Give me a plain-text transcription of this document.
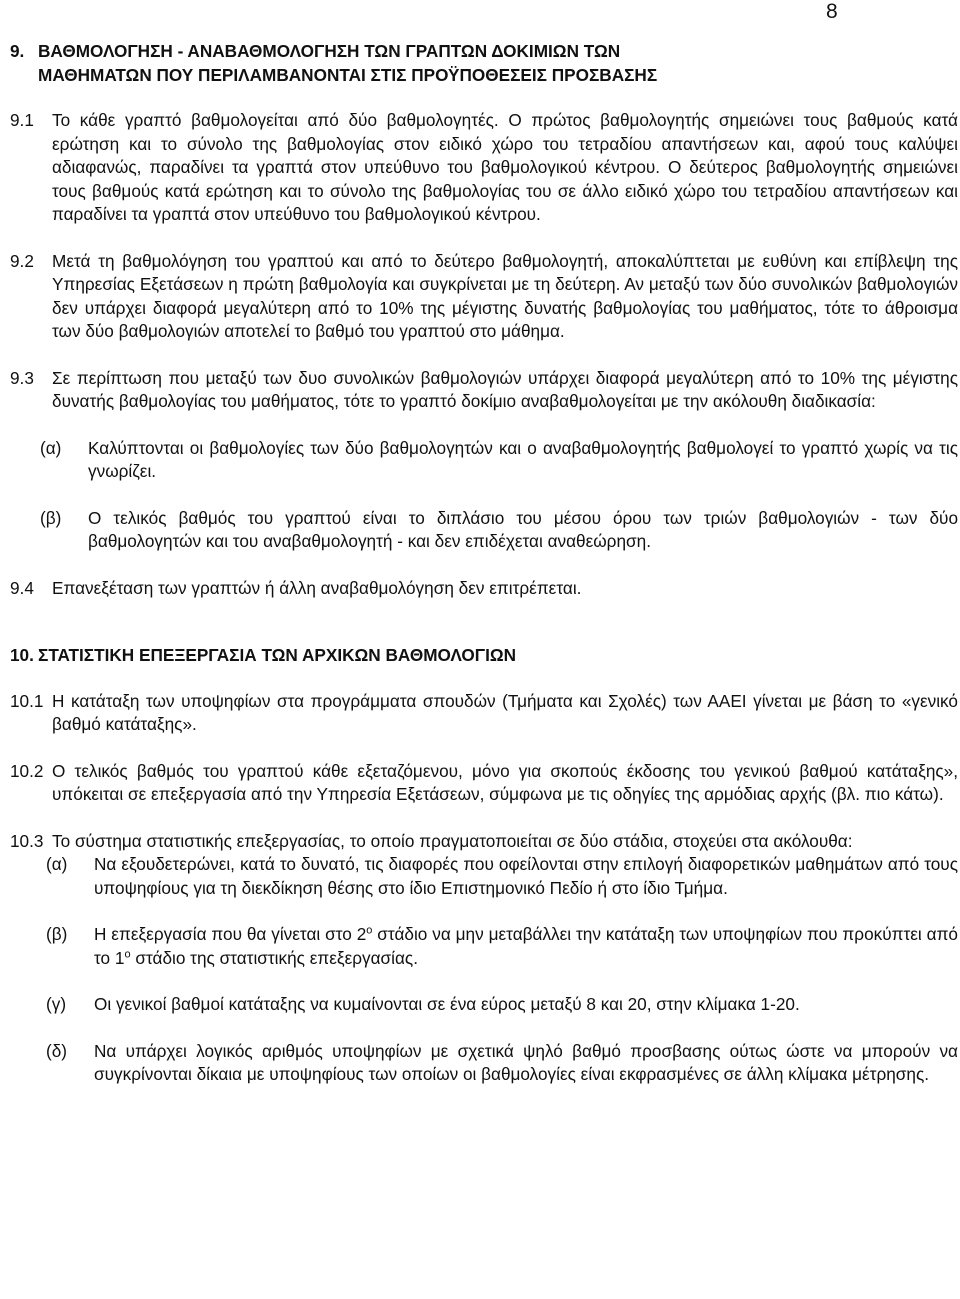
8
9. ΒΑΘΜΟΛΟΓΗΣΗ - ΑΝΑΒΑΘΜΟΛΟΓΗΣΗ ΤΩΝ ΓΡΑΠΤΩΝ ΔΟΚΙΜΙΩΝ ΤΩΝ
ΜΑΘΗΜΑΤΩΝ ΠΟΥ ΠΕΡΙΛΑΜΒΑΝΟΝΤΑΙ ΣΤΙΣ ΠΡΟΫΠΟΘΕΣΕΙΣ ΠΡΟΣΒΑΣΗΣ
9.1	Το κάθε γραπτό βαθμολογείται από δύο βαθμολογητές. Ο πρώτος βαθμολογητής σημειώνει τους βαθμούς κατά ερώτηση και το σύνολο της βαθμολογίας στον ειδικό χώρο του τετραδίου απαντήσεων και, αφού τους καλύψει αδιαφανώς, παραδίνει τα γραπτά στον υπεύθυνο του βαθμολογικού κέντρου. Ο δεύτερος βαθμολογητής σημειώνει τους βαθμούς κατά ερώτηση και το σύνολο της βαθμολογίας του σε άλλο ειδικό χώρο του τετραδίου απαντήσεων και παραδίνει τα γραπτά στον υπεύθυνο του βαθμολογικού κέντρου.
9.2	Μετά τη βαθμολόγηση του γραπτού και από το δεύτερο βαθμολογητή, αποκαλύπτεται με ευθύνη και επίβλεψη της Υπηρεσίας Εξετάσεων η πρώτη βαθμολογία και συγκρίνεται με τη δεύτερη. Αν μεταξύ των δύο συνολικών βαθμολογιών δεν υπάρχει διαφορά μεγαλύτερη από το 10% της μέγιστης δυνατής βαθμολογίας του μαθήματος, τότε το άθροισμα των δύο βαθμολογιών αποτελεί το βαθμό του γραπτού στο μάθημα.
9.3	Σε περίπτωση που μεταξύ των δυο συνολικών βαθμολογιών υπάρχει διαφορά μεγαλύτερη από το 10% της μέγιστης δυνατής βαθμολογίας του μαθήματος, τότε το γραπτό δοκίμιο αναβαθμολογείται με την ακόλουθη διαδικασία:
(α)	Καλύπτονται οι βαθμολογίες των δύο βαθμολογητών και ο αναβαθμολογητής βαθμολογεί το γραπτό χωρίς να τις γνωρίζει.
(β)	Ο τελικός βαθμός του γραπτού είναι το διπλάσιο του μέσου όρου των τριών βαθμολογιών - των δύο βαθμολογητών και του αναβαθμολογητή - και δεν επιδέχεται αναθεώρηση.
9.4	Επανεξέταση των γραπτών ή άλλη αναβαθμολόγηση δεν επιτρέπεται.
10. ΣΤΑΤΙΣΤΙΚΗ ΕΠΕΞΕΡΓΑΣΙΑ ΤΩΝ ΑΡΧΙΚΩΝ ΒΑΘΜΟΛΟΓΙΩΝ
10.1 Η κατάταξη των υποψηφίων στα προγράμματα σπουδών (Τμήματα και Σχολές) των ΑΑΕΙ γίνεται με βάση το «γενικό βαθμό κατάταξης».
10.2 Ο τελικός βαθμός του γραπτού κάθε εξεταζόμενου, μόνο για σκοπούς έκδοσης του γενικού βαθμού κατάταξης», υπόκειται σε επεξεργασία από την Υπηρεσία Εξετάσεων, σύμφωνα με τις οδηγίες της αρμόδιας αρχής (βλ. πιο κάτω).
10.3 Το σύστημα στατιστικής επεξεργασίας, το οποίο πραγματοποιείται σε δύο στάδια, στοχεύει στα ακόλουθα:
(α)	Να εξουδετερώνει, κατά το δυνατό, τις διαφορές που οφείλονται στην επιλογή διαφορετικών μαθημάτων από τους υποψηφίους για τη διεκδίκηση θέσης στο ίδιο Επιστημονικό Πεδίο ή στο ίδιο Τμήμα.
(β)	Η επεξεργασία που θα γίνεται στο $2^o$ στάδιο να μην μεταβάλλει την κατάταξη των υποψηφίων που προκύπτει από το $1^o$ στάδιο της στατιστικής επεξεργασίας.
(γ)	Οι γενικοί βαθμοί κατάταξης να κυμαίνονται σε ένα εύρος μεταξύ 8 και 20, στην κλίμακα 1-20.
(δ)	Να υπάρχει λογικός αριθμός υποψηφίων με σχετικά ψηλό βαθμό προσβασης ούτως ώστε να μπορούν να συγκρίνονται δίκαια με υποψηφίους των οποίων οι βαθμολογίες είναι εκφρασμένες σε άλλη κλίμακα μέτρησης.
